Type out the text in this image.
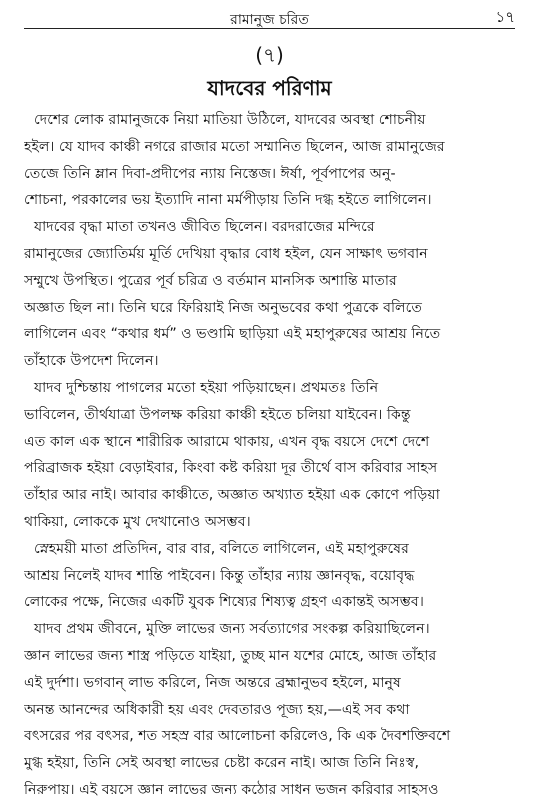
রামানুজ চরিত	১৭
(৭)
যাদবের পরিণাম

দেশের লোক রামানুজকে নিয়া মাতিয়া উঠিলে, যাদবের অবস্থা শোচনীয়
হইল। যে যাদব কাঞ্চী নগরে রাজার মতো সম্মানিত ছিলেন, আজ রামানুজের
তেজে তিনি ম্লান দিবা-প্রদীপের ন্যায় নিস্তেজ। ঈর্ষা, পূর্বপাপের অনু-
শোচনা, পরকালের ভয় ইত্যাদি নানা মর্মপীড়ায় তিনি দগ্ধ হইতে লাগিলেন।

যাদবের বৃদ্ধা মাতা তখনও জীবিত ছিলেন। বরদরাজের মন্দিরে
রামানুজের জ্যোতির্ময় মূর্তি দেখিয়া বৃদ্ধার বোধ হইল, যেন সাক্ষাৎ ভগবান
সম্মুখে উপস্থিত। পুত্রের পূর্ব চরিত্র ও বর্তমান মানসিক অশান্তি মাতার
অজ্ঞাত ছিল না। তিনি ঘরে ফিরিয়াই নিজ অনুভবের কথা পুত্রকে বলিতে
লাগিলেন এবং “কথার ধর্ম” ও ভণ্ডামি ছাড়িয়া এই মহাপুরুষের আশ্রয় নিতে
তাঁহাকে উপদেশ দিলেন।

যাদব দুশ্চিন্তায় পাগলের মতো হইয়া পড়িয়াছেন। প্রথমতঃ তিনি
ভাবিলেন, তীর্থযাত্রা উপলক্ষ করিয়া কাঞ্চী হইতে চলিয়া যাইবেন। কিন্তু
এত কাল এক স্থানে শারীরিক আরামে থাকায়, এখন বৃদ্ধ বয়সে দেশে দেশে
পরিব্রাজক হইয়া বেড়াইবার, কিংবা কষ্ট করিয়া দূর তীর্থে বাস করিবার সাহস
তাঁহার আর নাই। আবার কাঞ্চীতে, অজ্ঞাত অখ্যাত হইয়া এক কোণে পড়িয়া
থাকিয়া, লোককে মুখ দেখানোও অসম্ভব।

স্নেহময়ী মাতা প্রতিদিন, বার বার, বলিতে লাগিলেন, এই মহাপুরুষের
আশ্রয় নিলেই যাদব শান্তি পাইবেন। কিন্তু তাঁহার ন্যায় জ্ঞানবৃদ্ধ, বয়োবৃদ্ধ
লোকের পক্ষে, নিজের একটি যুবক শিষ্যের শিষ্যত্ব গ্রহণ একান্তই অসম্ভব।

যাদব প্রথম জীবনে, মুক্তি লাভের জন্য সর্বত্যাগের সংকল্প করিয়াছিলেন।
জ্ঞান লাভের জন্য শাস্ত্র পড়িতে যাইয়া, তুচ্ছ মান যশের মোহে, আজ তাঁহার
এই দুর্দশা। ভগবান্ লাভ করিলে, নিজ অন্তরে ব্রহ্মানুভব হইলে, মানুষ
অনন্ত আনন্দের অধিকারী হয় এবং দেবতারও পূজ্য হয়,—এই সব কথা
বৎসরের পর বৎসর, শত সহস্র বার আলোচনা করিলেও, কি এক দৈবশক্তিবশে
মুগ্ধ হইয়া, তিনি সেই অবস্থা লাভের চেষ্টা করেন নাই। আজ তিনি নিঃস্ব,
নিরুপায়। এই বয়সে জ্ঞান লাভের জন্য কঠোর সাধন ভজন করিবার সাহসও
